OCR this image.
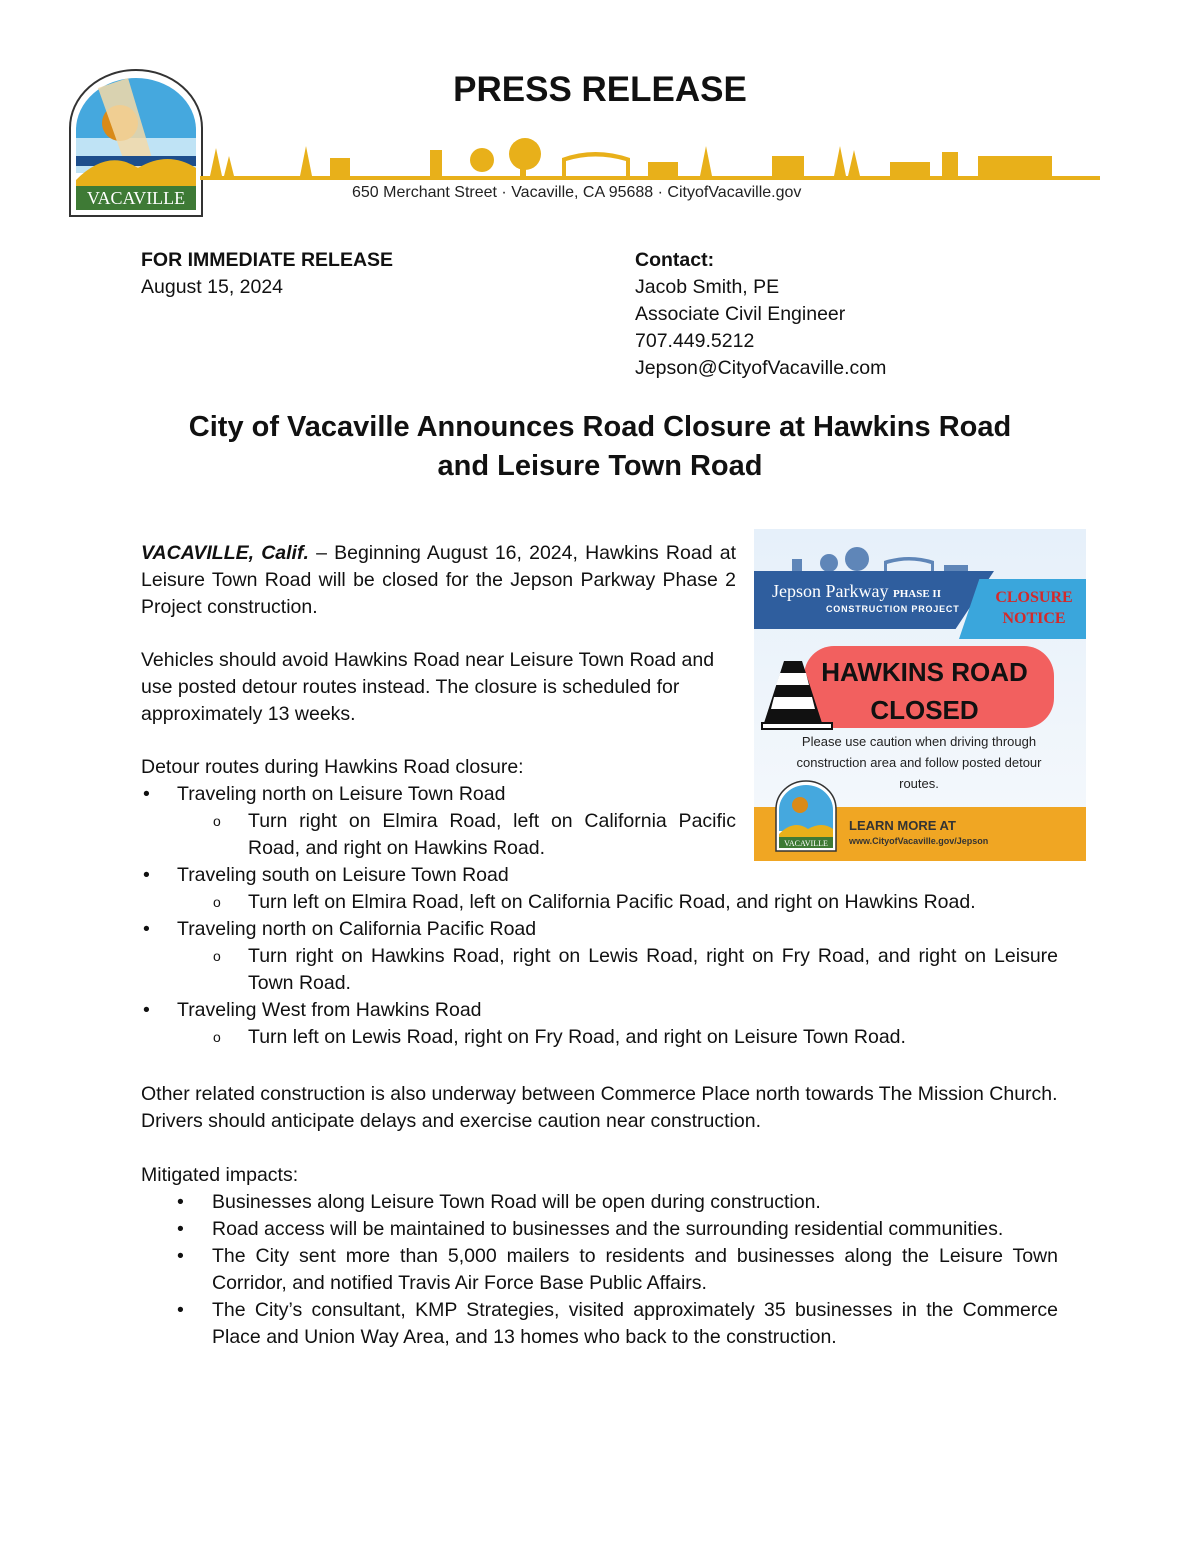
VACAVILLE
PRESS RELEASE
650 Merchant Street · Vacaville, CA 95688 · CityofVacaville.gov
FOR IMMEDIATE RELEASE
August 15, 2024
Contact:
Jacob Smith, PE
Associate Civil Engineer
707.449.5212
Jepson@CityofVacaville.com
City of Vacaville Announces Road Closure at Hawkins Road
and Leisure Town Road
VACAVILLE, Calif. – Beginning August 16, 2024, Hawkins Road at Leisure Town Road will be closed for the Jepson Parkway Phase 2 Project construction.
Vehicles should avoid Hawkins Road near Leisure Town Road and use posted detour routes instead. The closure is scheduled for approximately 13 weeks.
Detour routes during Hawkins Road closure:
• Traveling north on Leisure Town Road
o Turn right on Elmira Road, left on California Pacific Road, and right on Hawkins Road.
• Traveling south on Leisure Town Road
o Turn left on Elmira Road, left on California Pacific Road, and right on Hawkins Road.
• Traveling north on California Pacific Road
o Turn right on Hawkins Road, right on Lewis Road, right on Fry Road, and right on Leisure Town Road.
• Traveling West from Hawkins Road
o Turn left on Lewis Road, right on Fry Road, and right on Leisure Town Road.
Other related construction is also underway between Commerce Place north towards The Mission Church. Drivers should anticipate delays and exercise caution near construction.
Mitigated impacts:
• Businesses along Leisure Town Road will be open during construction.
• Road access will be maintained to businesses and the surrounding residential communities.
• The City sent more than 5,000 mailers to residents and businesses along the Leisure Town Corridor, and notified Travis Air Force Base Public Affairs.
• The City’s consultant, KMP Strategies, visited approximately 35 businesses in the Commerce Place and Union Way Area, and 13 homes who back to the construction.
Jepson Parkway PHASE II
CONSTRUCTION PROJECT
CLOSURE
NOTICE
HAWKINS ROAD
CLOSED
Please use caution when driving through construction area and follow posted detour routes.
VACAVILLE
LEARN MORE AT
www.CityofVacaville.gov/Jepson
